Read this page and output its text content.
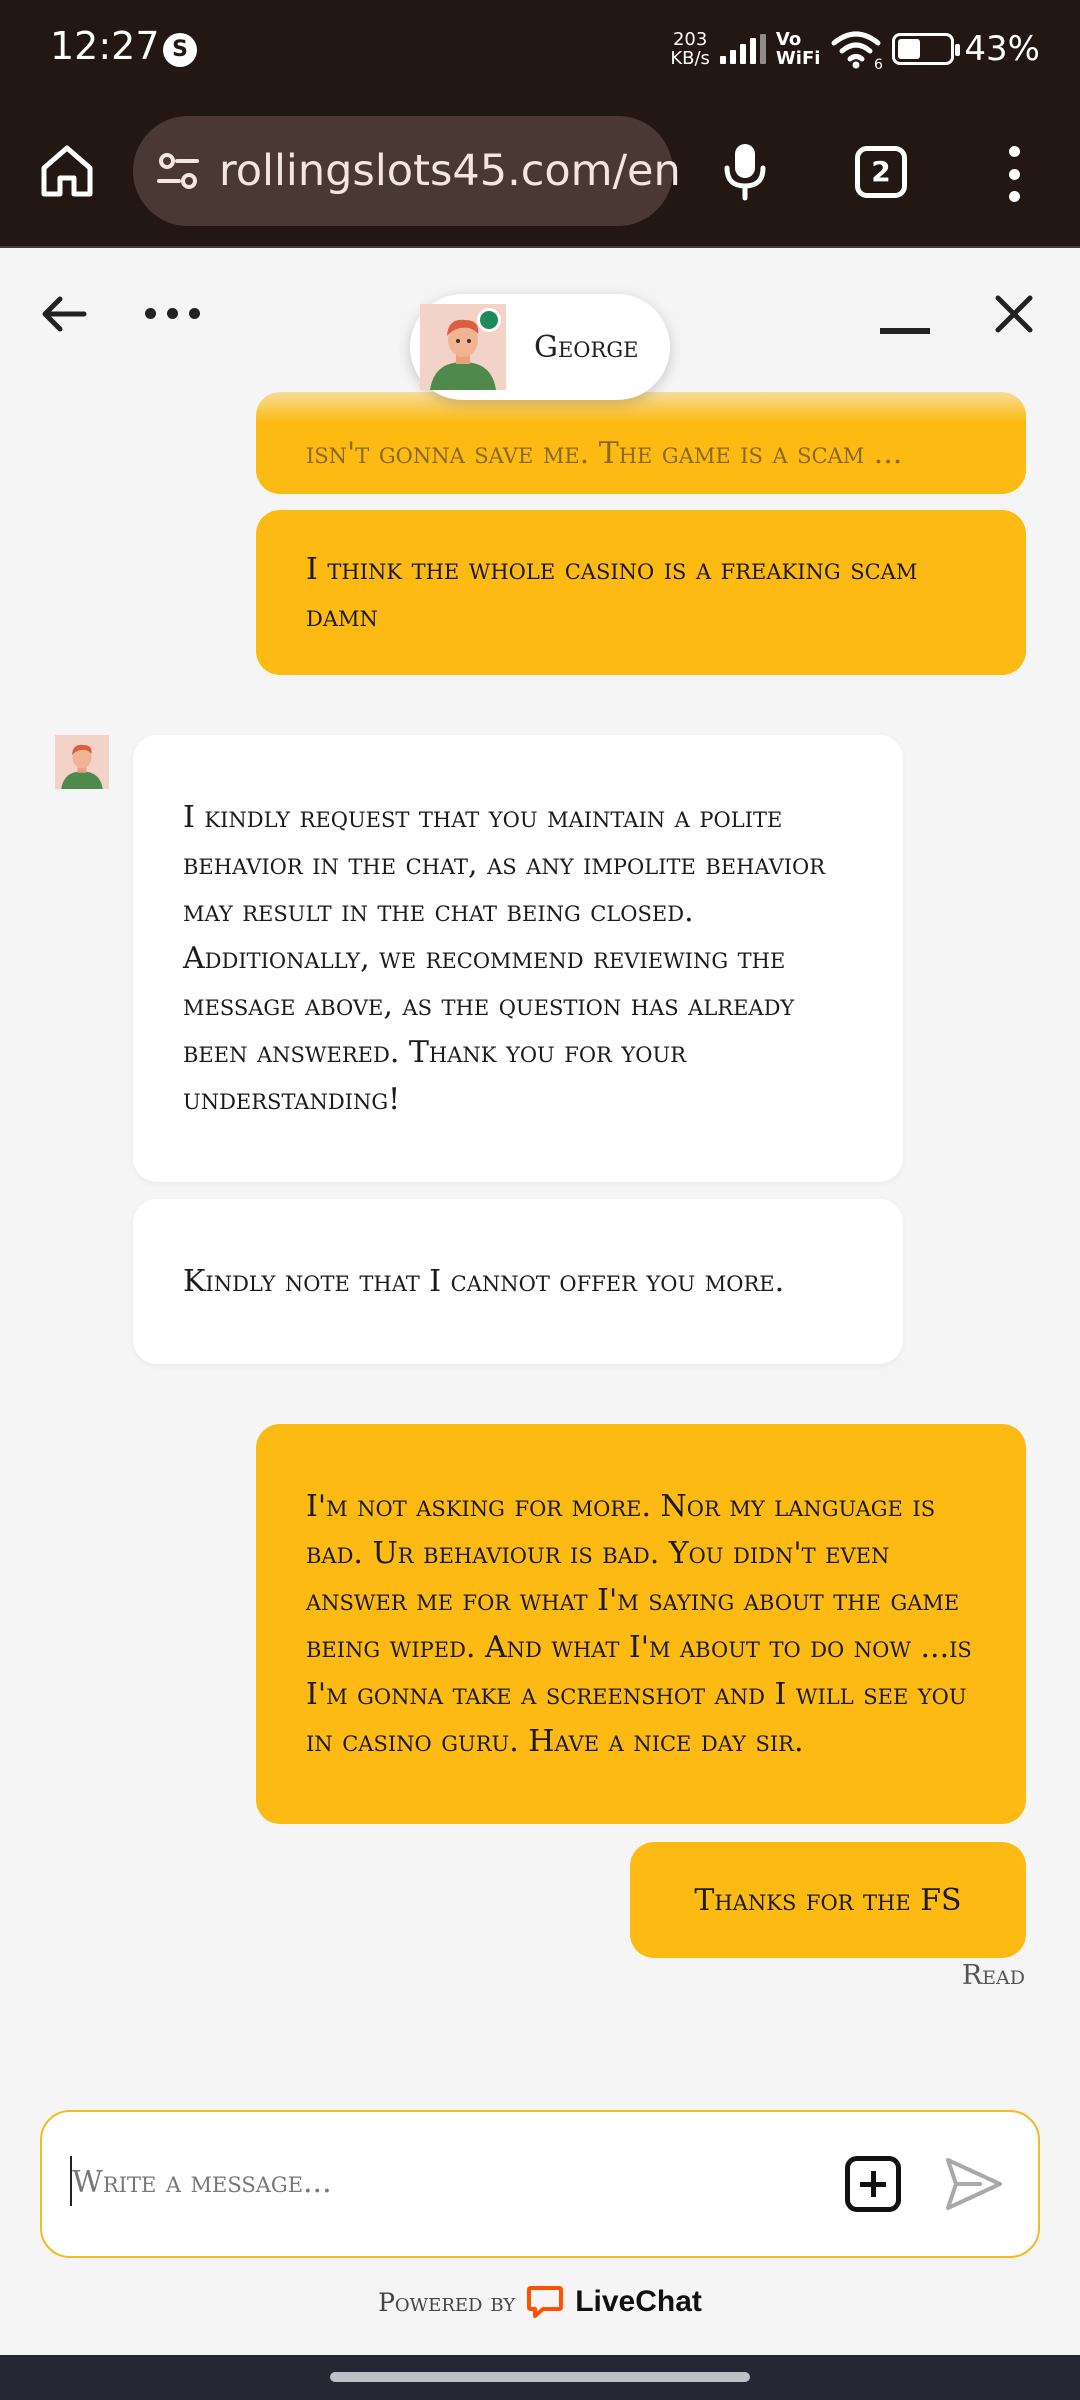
12:27 S	203
KB/s
Vo
WiFi	6 43%
rollingslots45.com/en	2
George
isn't gonna save me. The game is a scam ...
I think the whole casino is a freaking scam damn
I kindly request that you maintain a polite behavior in the chat, as any impolite behavior may result in the chat being closed. Additionally, we recommend reviewing the message above, as the question has already been answered. Thank you for your understanding!
Kindly note that I cannot offer you more.
I'm not asking for more. Nor my language is bad. Ur behaviour is bad. You didn't even answer me for what I'm saying about the game being wiped. And what I'm about to do now ...is I'm gonna take a screenshot and I will see you in casino guru. Have a nice day sir.
Thanks for the FS
Read
Write a message...
Powered by LiveChat
